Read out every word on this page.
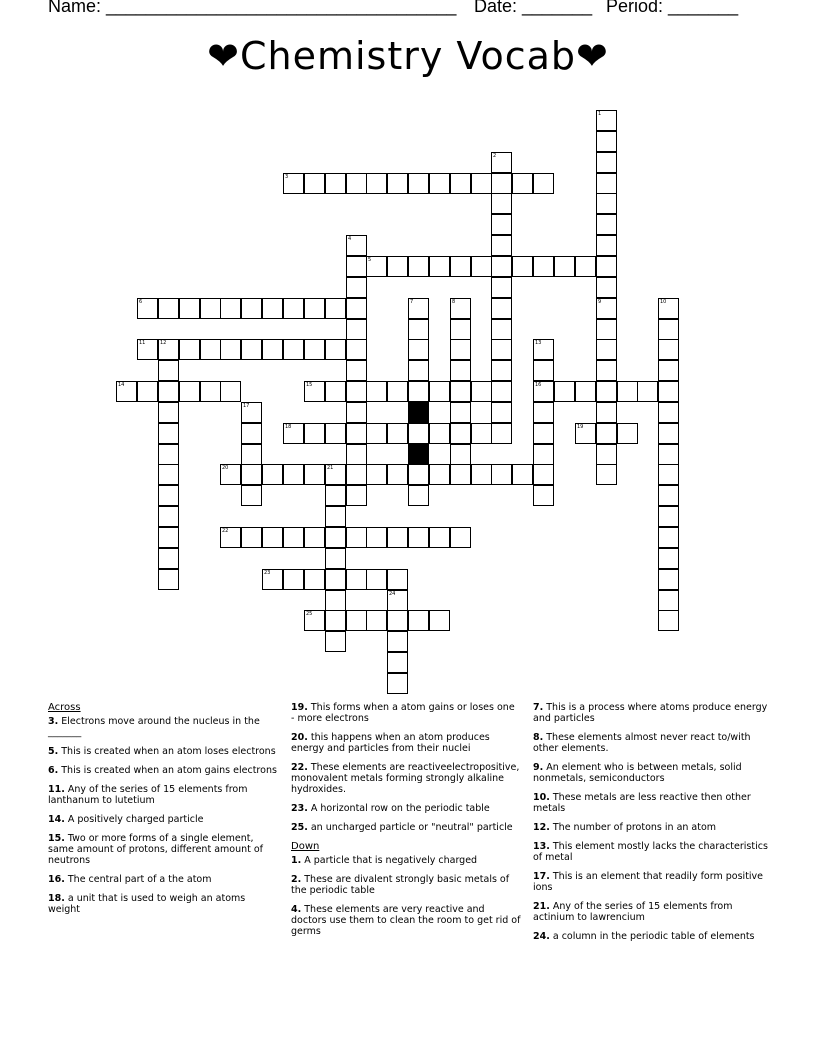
Name: ___________________________________ Date: _______ Period: _______
❤Chemistry Vocab❤
1
9
2
3
4
5
6	7	8	10
11	12	13
16
14	15
17
18	19
20	21
22
23
24
25
Across
3. Electrons move around the nucleus in the _______
5. This is created when an atom loses electrons
6. This is created when an atom gains electrons
11. Any of the series of 15 elements from lanthanum to lutetium
14. A positively charged particle
15. Two or more forms of a single element, same amount of protons, different amount of neutrons
16. The central part of a the atom
18. a unit that is used to weigh an atoms weight
19. This forms when a atom gains or loses one - more electrons
20. this happens when an atom produces energy and particles from their nuclei
22. These elements are reactiveelectropositive, monovalent metals forming strongly alkaline hydroxides.
23. A horizontal row on the periodic table
25. an uncharged particle or "neutral" particle
Down
1. A particle that is negatively charged
2. These are divalent strongly basic metals of the periodic table
4. These elements are very reactive and doctors use them to clean the room to get rid of germs
7. This is a process where atoms produce energy and particles
8. These elements almost never react to/with other elements.
9. An element who is between metals, solid nonmetals, semiconductors
10. These metals are less reactive then other metals
12. The number of protons in an atom
13. This element mostly lacks the characteristics of metal
17. This is an element that readily form positive ions
21. Any of the series of 15 elements from actinium to lawrencium
24. a column in the periodic table of elements
